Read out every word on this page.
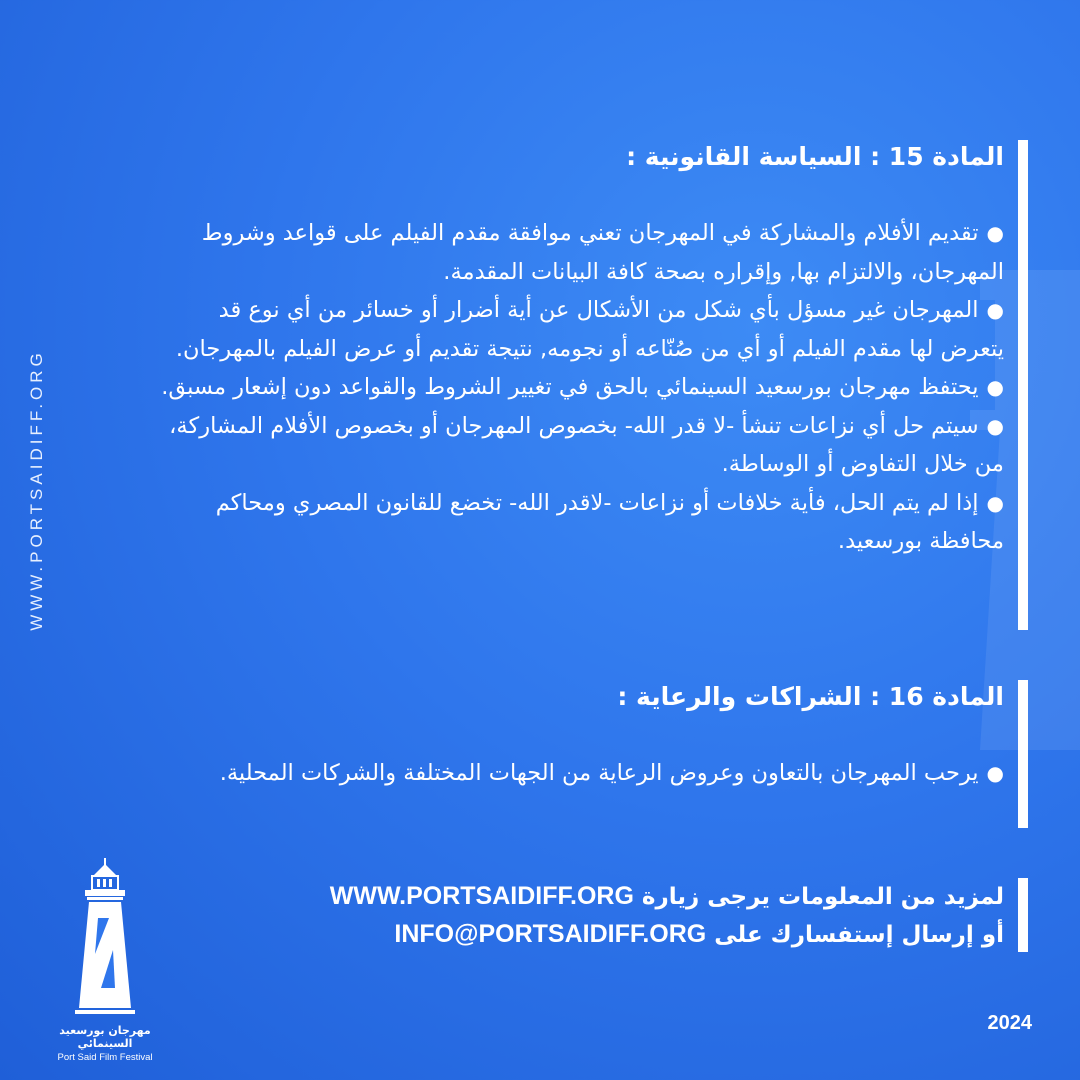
WWW.PORTSAIDIFF.ORG
المادة 15 : السياسة القانونية :
●تقديم الأفلام والمشاركة في المهرجان تعني موافقة مقدم الفيلم على قواعد وشروط المهرجان، والالتزام بها, وإقراره بصحة كافة البيانات المقدمة.
●المهرجان غير مسؤل بأي شكل من الأشكال عن أية أضرار أو خسائر من أي نوع قد يتعرض لها مقدم الفيلم أو أي من صُنّاعه أو نجومه, نتيجة تقديم أو عرض الفيلم بالمهرجان.
●يحتفظ مهرجان بورسعيد السينمائي بالحق في تغيير الشروط والقواعد دون إشعار مسبق.
●سيتم حل أي نزاعات تنشأ -لا قدر الله- بخصوص المهرجان أو بخصوص الأفلام المشاركة، من خلال التفاوض أو الوساطة.
●إذا لم يتم الحل، فأية خلافات أو نزاعات -لاقدر الله- تخضع للقانون المصري ومحاكم محافظة بورسعيد.
المادة 16 : الشراكات والرعاية :
●يرحب المهرجان بالتعاون وعروض الرعاية من الجهات المختلفة والشركات المحلية.

لمزيد من المعلومات يرجى زيارة WWW.PORTSAIDIFF.ORG

أو إرسال إستفسارك على INFO@PORTSAIDIFF.ORG

مهرجان بورسعيد السينمائي
Port Said Film Festival
2024
